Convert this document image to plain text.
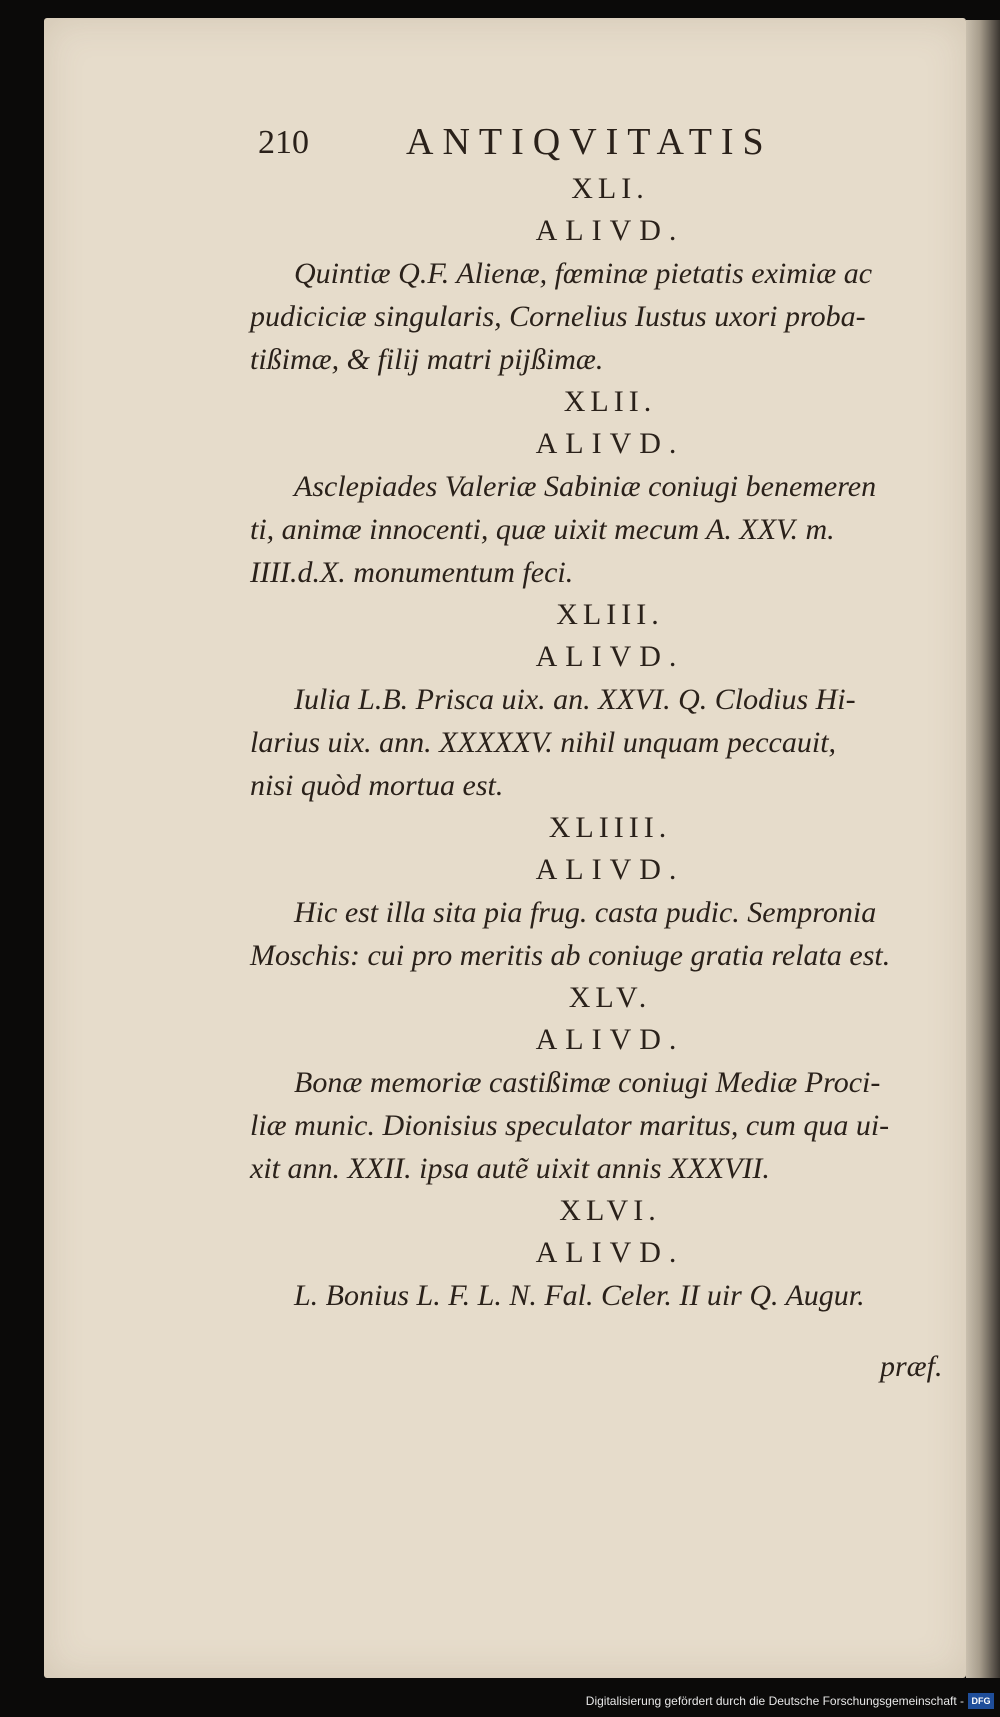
210	ANTIQVITATIS
XLI.
ALIVD.

Quintiæ Q.F. Alienæ, fœminæ pietatis eximiæ ac
pudiciciæ singularis, Cornelius Iustus uxori proba-
tißimæ, & filij matri pijßimæ.

XLII.
ALIVD.

Asclepiades Valeriæ Sabiniæ coniugi benemeren
ti, animæ innocenti, quæ uixit mecum A. XXV. m.
IIII.d.X. monumentum feci.

XLIII.
ALIVD.

Iulia L.B. Prisca uix. an. XXVI. Q. Clodius Hi-
larius uix. ann. XXXXXV. nihil unquam peccauit,
nisi quòd mortua est.

XLIIII.
ALIVD.

Hic est illa sita pia frug. casta pudic. Sempronia
Moschis: cui pro meritis ab coniuge gratia relata est.

XLV.
ALIVD.

Bonæ memoriæ castißimæ coniugi Mediæ Proci-
liæ munic. Dionisius speculator maritus, cum qua ui-
xit ann. XXII. ipsa autẽ uixit annis XXXVII.

XLVI.
ALIVD.

L. Bonius L. F. L. N. Fal. Celer. II uir Q. Augur.

præf.
Digitalisierung gefördert durch die Deutsche Forschungsgemeinschaft - DFG
